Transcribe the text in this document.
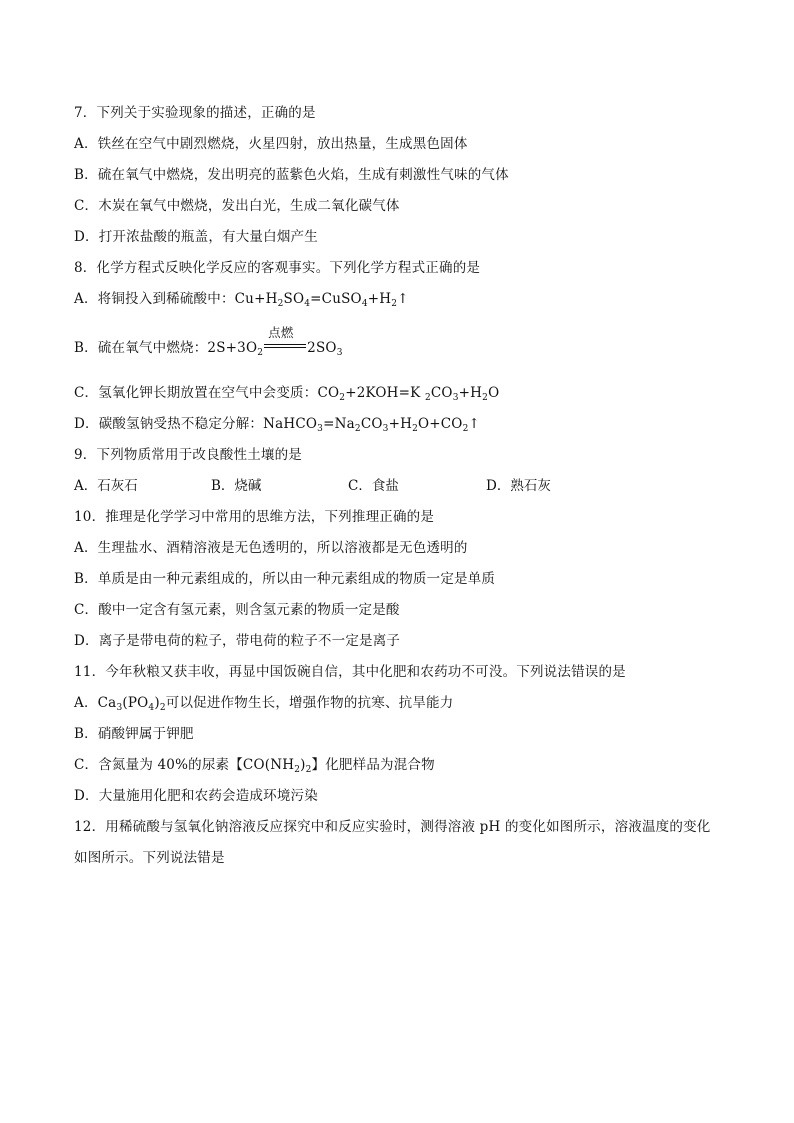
7．下列关于实验现象的描述，正确的是
A．铁丝在空气中剧烈燃烧，火星四射，放出热量，生成黑色固体
B．硫在氧气中燃烧，发出明亮的蓝紫色火焰，生成有刺激性气味的气体
C．木炭在氧气中燃烧，发出白光，生成二氧化碳气体
D．打开浓盐酸的瓶盖，有大量白烟产生
8．化学方程式反映化学反应的客观事实。下列化学方程式正确的是
A．将铜投入到稀硫酸中：$Cu+H_2SO_4=CuSO_4+H_2↑$
B．硫在氧气中燃烧：$2S+3O_2$
点燃
$2SO_3$
C．氢氧化钾长期放置在空气中会变质：$CO_2+2KOH=K$ $_2CO_3+H_2O$
D．碳酸氢钠受热不稳定分解：$NaHCO_3=Na_2CO_3+H_2O+CO_2↑$
9．下列物质常用于改良酸性土壤的是
A．石灰石	B．烧碱	C．食盐	D．熟石灰
10．推理是化学学习中常用的思维方法，下列推理正确的是
A．生理盐水、酒精溶液是无色透明的，所以溶液都是无色透明的
B．单质是由一种元素组成的，所以由一种元素组成的物质一定是单质
C．酸中一定含有氢元素，则含氢元素的物质一定是酸
D．离子是带电荷的粒子，带电荷的粒子不一定是离子
11．今年秋粮又获丰收，再显中国饭碗自信，其中化肥和农药功不可没。下列说法错误的是
A．$Ca_3(PO_4)_2$可以促进作物生长，增强作物的抗寒、抗旱能力
B．硝酸钾属于钾肥
C．含氮量为 40%的尿素【$CO(NH_2)_2$】化肥样品为混合物
D．大量施用化肥和农药会造成环境污染
12．用稀硫酸与氢氧化钠溶液反应探究中和反应实验时，测得溶液 pH 的变化如图所示，溶液温度的变化
如图所示。下列说法错是
